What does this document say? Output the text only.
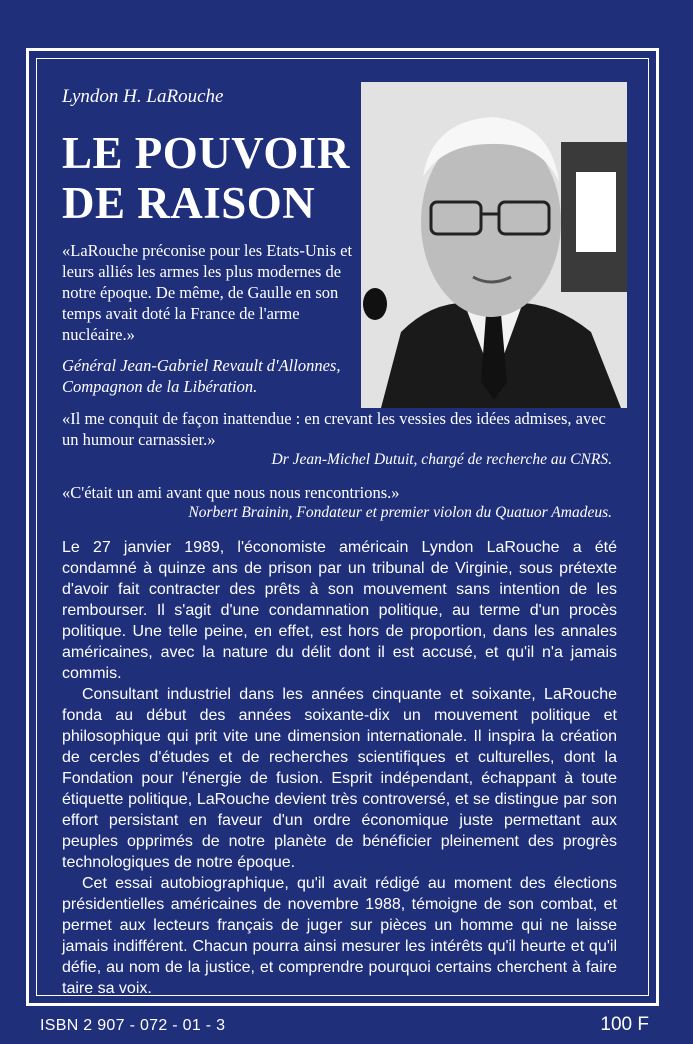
Lyndon H. LaRouche
LE POUVOIR
DE RAISON
«LaRouche préconise pour les Etats-Unis et leurs alliés les armes les plus modernes de notre époque. De même, de Gaulle en son temps avait doté la France de l'arme nucléaire.»
Général Jean-Gabriel Revault d'Allonnes, Compagnon de la Libération.
«Il me conquit de façon inattendue : en crevant les vessies des idées admises, avec un humour carnassier.»
Dr Jean-Michel Dutuit, chargé de recherche au CNRS.
«C'était un ami avant que nous nous rencontrions.»
Norbert Brainin, Fondateur et premier violon du Quatuor Amadeus.

Le 27 janvier 1989, l'économiste américain Lyndon LaRouche a été condamné à quinze ans de prison par un tribunal de Virginie, sous prétexte d'avoir fait contracter des prêts à son mouvement sans intention de les rembourser. Il s'agit d'une condamnation politique, au terme d'un procès politique. Une telle peine, en effet, est hors de proportion, dans les annales américaines, avec la nature du délit dont il est accusé, et qu'il n'a jamais commis.

Consultant industriel dans les années cinquante et soixante, LaRouche fonda au début des années soixante-dix un mouvement politique et philosophique qui prit vite une dimension internationale. Il inspira la création de cercles d'études et de recherches scientifiques et culturelles, dont la Fondation pour l'énergie de fusion. Esprit indépendant, échappant à toute étiquette politique, LaRouche devient très controversé, et se distingue par son effort persistant en faveur d'un ordre économique juste permettant aux peuples opprimés de notre planète de bénéficier pleinement des progrès technologiques de notre époque.

Cet essai autobiographique, qu'il avait rédigé au moment des élections présidentielles américaines de novembre 1988, témoigne de son combat, et permet aux lecteurs français de juger sur pièces un homme qui ne laisse jamais indifférent. Chacun pourra ainsi mesurer les intérêts qu'il heurte et qu'il défie, au nom de la justice, et comprendre pourquoi certains cherchent à faire taire sa voix.

ISBN 2 907 - 072 - 01 - 3	100 F
